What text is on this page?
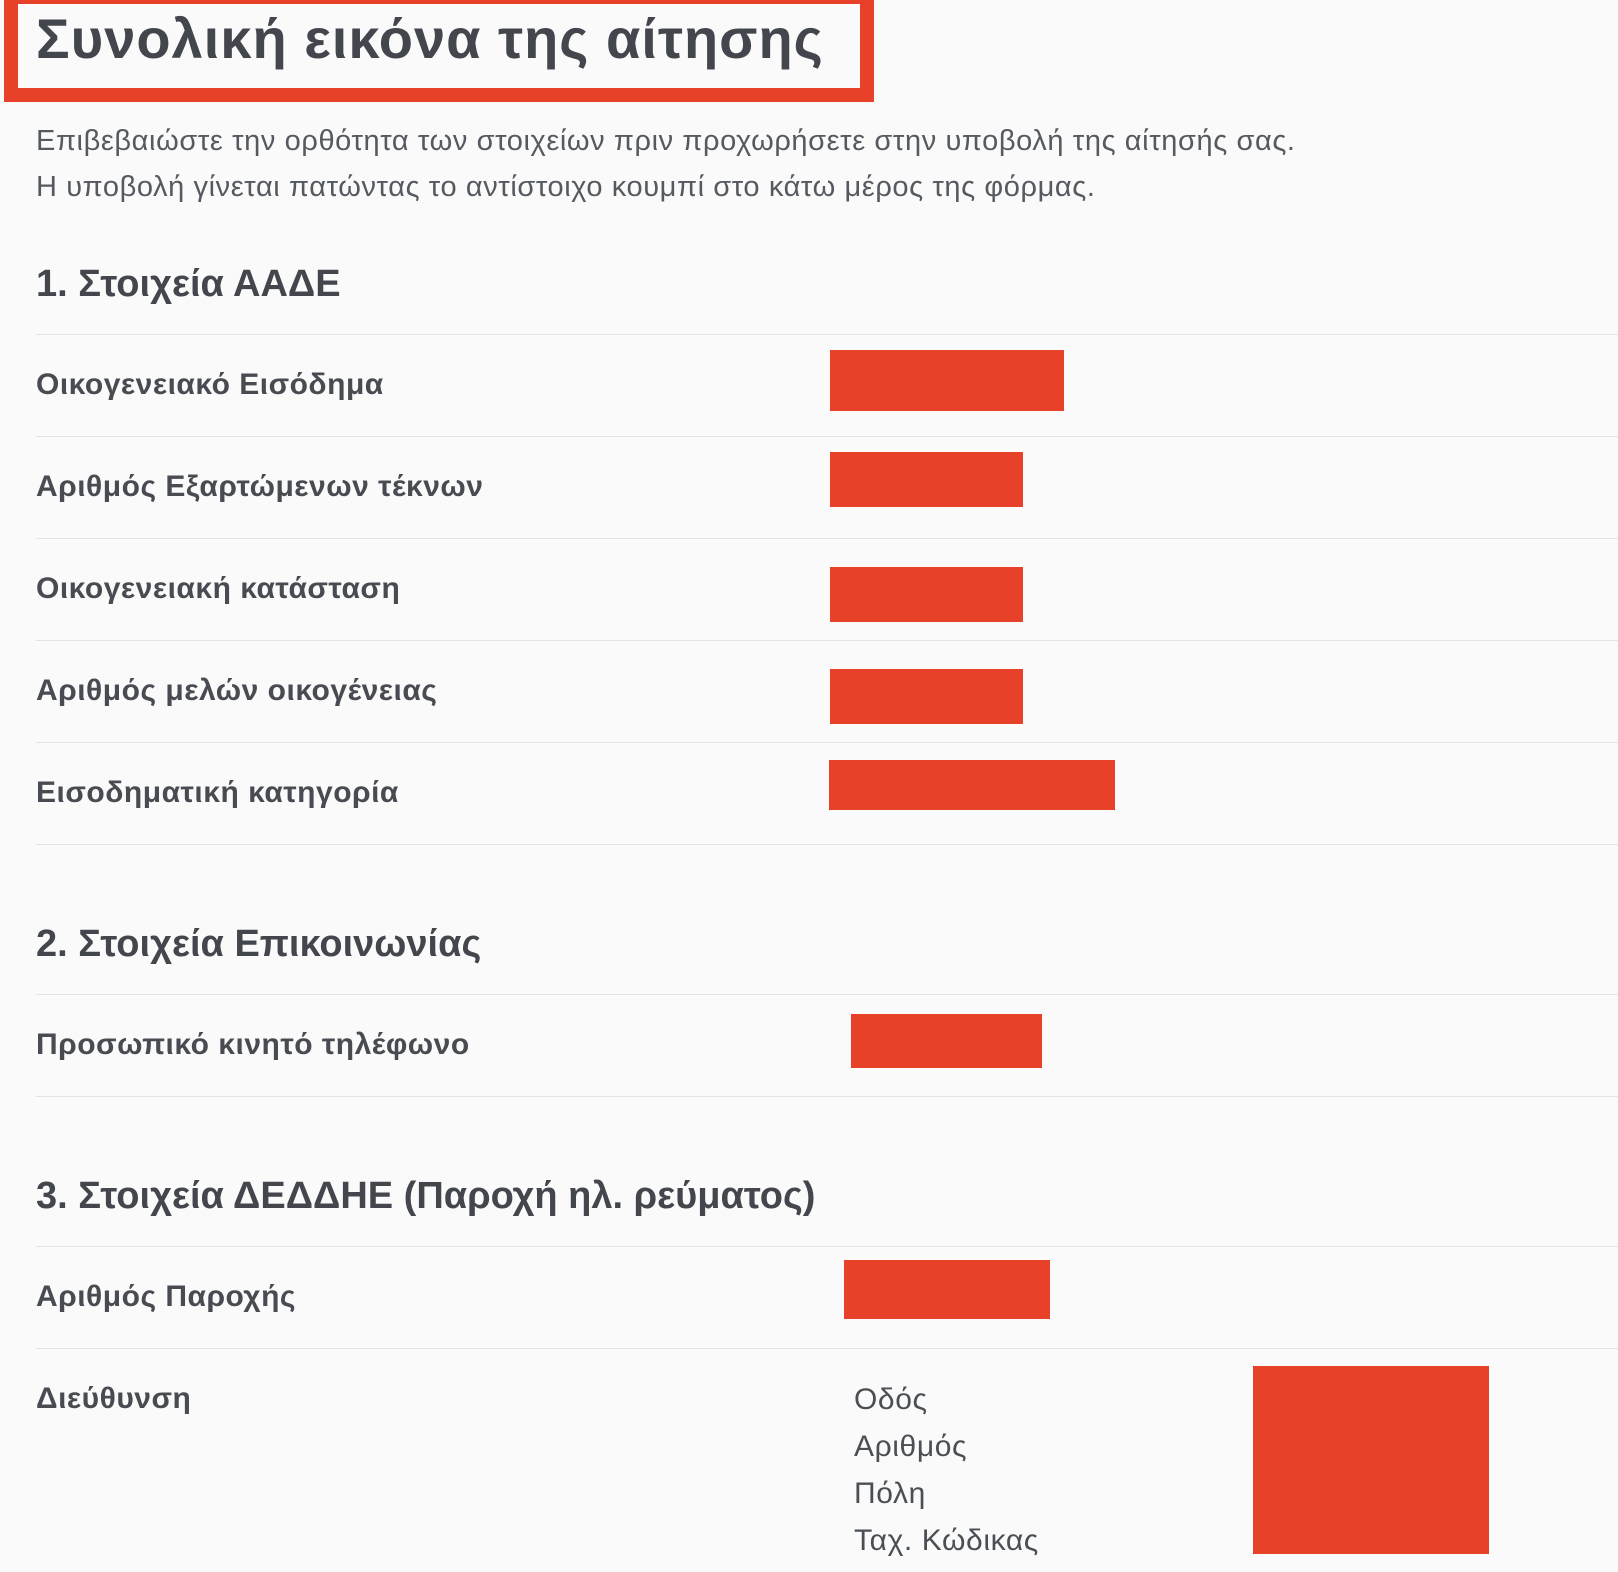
Συνολική εικόνα της αίτησης
Επιβεβαιώστε την ορθότητα των στοιχείων πριν προχωρήσετε στην υποβολή της αίτησής σας.
Η υποβολή γίνεται πατώντας το αντίστοιχο κουμπί στο κάτω μέρος της φόρμας.
1. Στοιχεία ΑΑΔΕ
Οικογενειακό Εισόδημα
Αριθμός Εξαρτώμενων τέκνων
Οικογενειακή κατάσταση
Αριθμός μελών οικογένειας
Εισοδηματική κατηγορία
2. Στοιχεία Επικοινωνίας
Προσωπικό κινητό τηλέφωνο
3. Στοιχεία ΔΕΔΔΗΕ (Παροχή ηλ. ρεύματος)
Αριθμός Παροχής
Διεύθυνση	Οδός
Αριθμός
Πόλη
Ταχ. Κώδικας
